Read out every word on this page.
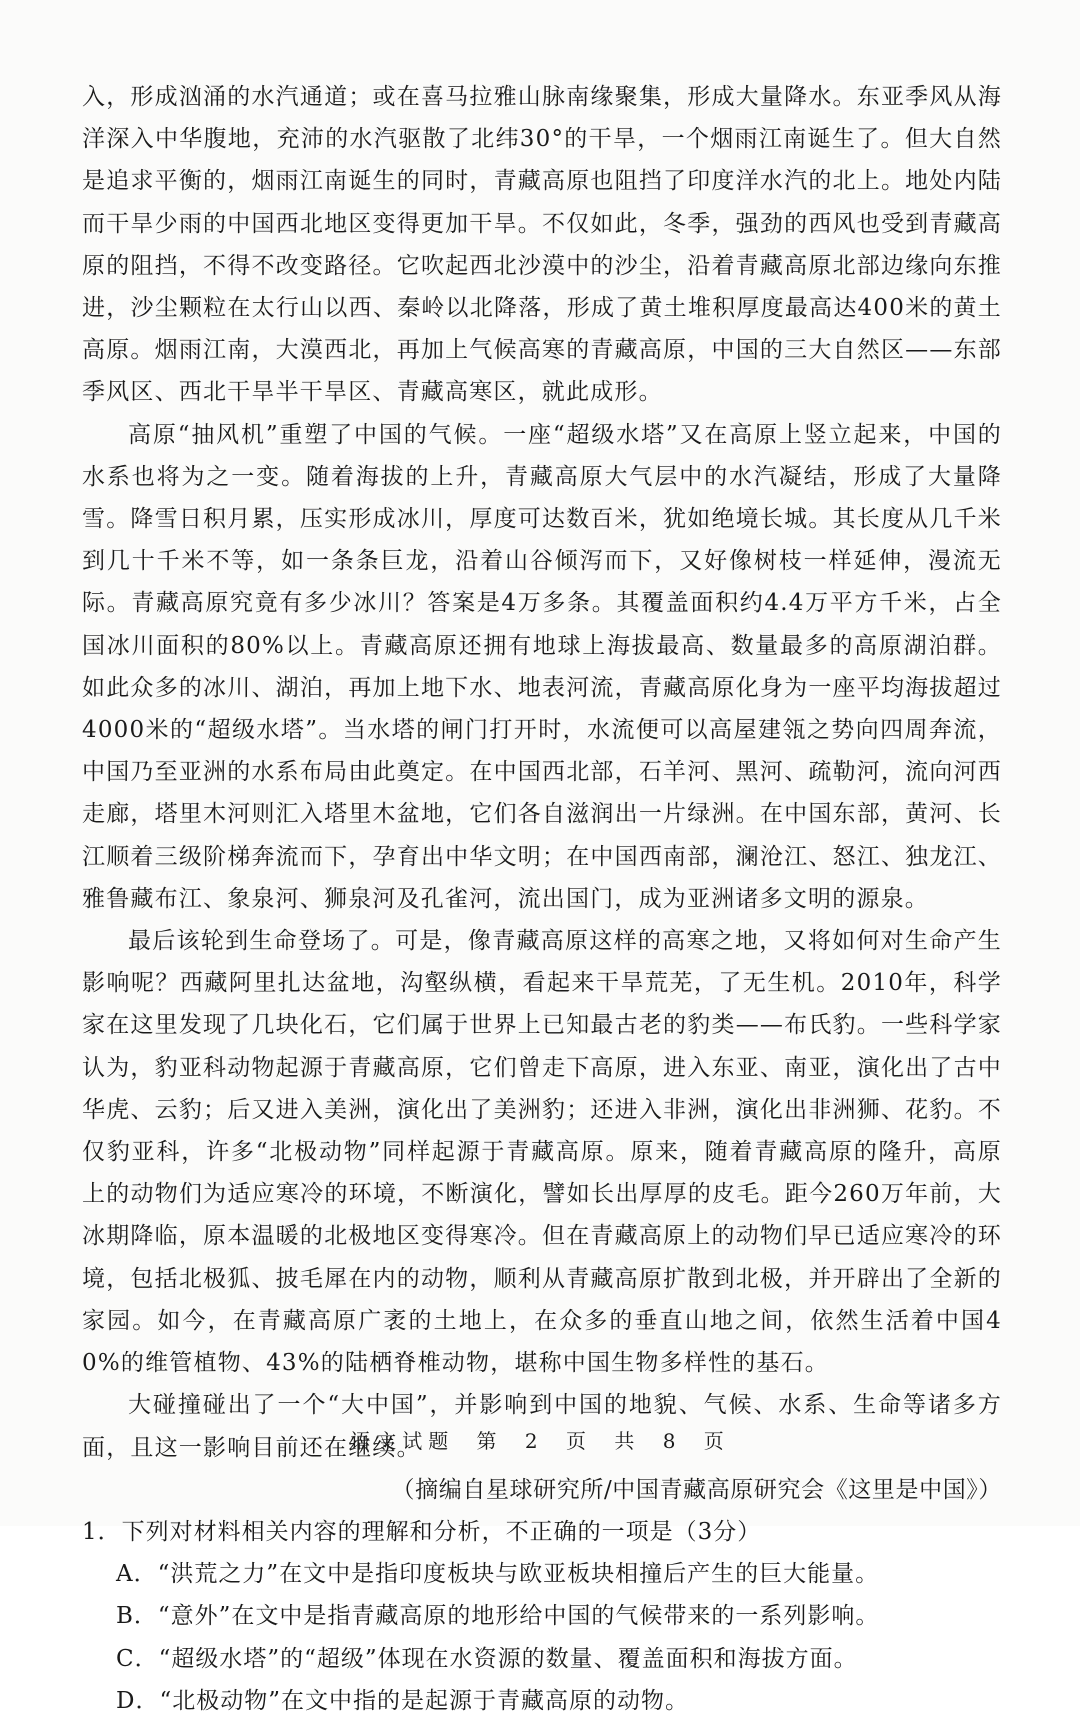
入，形成汹涌的水汽通道；或在喜马拉雅山脉南缘聚集，形成大量降水。东亚季风从海洋深入中华腹地，充沛的水汽驱散了北纬30°的干旱，一个烟雨江南诞生了。但大自然是追求平衡的，烟雨江南诞生的同时，青藏高原也阻挡了印度洋水汽的北上。地处内陆而干旱少雨的中国西北地区变得更加干旱。不仅如此，冬季，强劲的西风也受到青藏高原的阻挡，不得不改变路径。它吹起西北沙漠中的沙尘，沿着青藏高原北部边缘向东推进，沙尘颗粒在太行山以西、秦岭以北降落，形成了黄土堆积厚度最高达400米的黄土高原。烟雨江南，大漠西北，再加上气候高寒的青藏高原，中国的三大自然区——东部季风区、西北干旱半干旱区、青藏高寒区，就此成形。

高原“抽风机”重塑了中国的气候。一座“超级水塔”又在高原上竖立起来，中国的水系也将为之一变。随着海拔的上升，青藏高原大气层中的水汽凝结，形成了大量降雪。降雪日积月累，压实形成冰川，厚度可达数百米，犹如绝境长城。其长度从几千米到几十千米不等，如一条条巨龙，沿着山谷倾泻而下，又好像树枝一样延伸，漫流无际。青藏高原究竟有多少冰川？答案是4万多条。其覆盖面积约4.4万平方千米，占全国冰川面积的80%以上。青藏高原还拥有地球上海拔最高、数量最多的高原湖泊群。如此众多的冰川、湖泊，再加上地下水、地表河流，青藏高原化身为一座平均海拔超过4000米的“超级水塔”。当水塔的闸门打开时，水流便可以高屋建瓴之势向四周奔流，中国乃至亚洲的水系布局由此奠定。在中国西北部，石羊河、黑河、疏勒河，流向河西走廊，塔里木河则汇入塔里木盆地，它们各自滋润出一片绿洲。在中国东部，黄河、长江顺着三级阶梯奔流而下，孕育出中华文明；在中国西南部，澜沧江、怒江、独龙江、雅鲁藏布江、象泉河、狮泉河及孔雀河，流出国门，成为亚洲诸多文明的源泉。

最后该轮到生命登场了。可是，像青藏高原这样的高寒之地，又将如何对生命产生影响呢？西藏阿里扎达盆地，沟壑纵横，看起来干旱荒芜，了无生机。2010年，科学家在这里发现了几块化石，它们属于世界上已知最古老的豹类——布氏豹。一些科学家认为，豹亚科动物起源于青藏高原，它们曾走下高原，进入东亚、南亚，演化出了古中华虎、云豹；后又进入美洲，演化出了美洲豹；还进入非洲，演化出非洲狮、花豹。不仅豹亚科，许多“北极动物”同样起源于青藏高原。原来，随着青藏高原的隆升，高原上的动物们为适应寒冷的环境，不断演化，譬如长出厚厚的皮毛。距今260万年前，大冰期降临，原本温暖的北极地区变得寒冷。但在青藏高原上的动物们早已适应寒冷的环境，包括北极狐、披毛犀在内的动物，顺利从青藏高原扩散到北极，并开辟出了全新的家园。如今，在青藏高原广袤的土地上，在众多的垂直山地之间，依然生活着中国40%的维管植物、43%的陆栖脊椎动物，堪称中国生物多样性的基石。

大碰撞碰出了一个“大中国”，并影响到中国的地貌、气候、水系、生命等诸多方面，且这一影响目前还在继续。

（摘编自星球研究所/中国青藏高原研究会《这里是中国》）

1．下列对材料相关内容的理解和分析，不正确的一项是（3分）

A．“洪荒之力”在文中是指印度板块与欧亚板块相撞后产生的巨大能量。

B．“意外”在文中是指青藏高原的地形给中国的气候带来的一系列影响。

C．“超级水塔”的“超级”体现在水资源的数量、覆盖面积和海拔方面。

D．“北极动物”在文中指的是起源于青藏高原的动物。

语文试题 第 2 页 共 8 页
